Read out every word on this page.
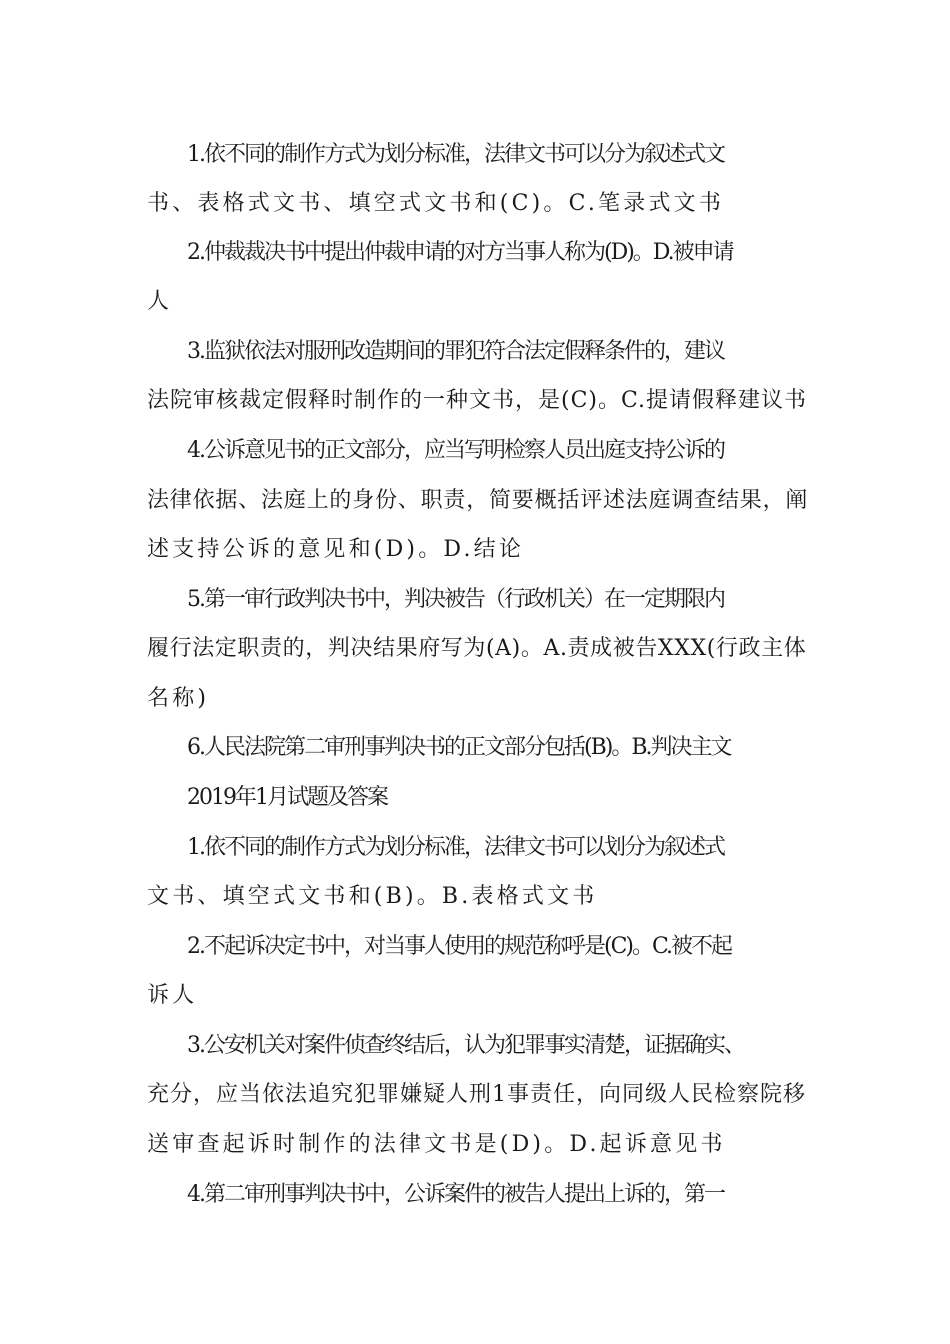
1.依不同的制作方式为划分标准，法律文书可以分为叙述式文
书、表格式文书、填空式文书和(C)。C.笔录式文书
2.仲裁裁决书中提出仲裁申请的对方当事人称为(D)。D.被申请
人
3.监狱依法对服刑改造期间的罪犯符合法定假释条件的，建议
法院审核裁定假释时制作的一种文书，是(C)。C.提请假释建议书
4.公诉意见书的正文部分，应当写明检察人员出庭支持公诉的
法律依据、法庭上的身份、职责，简要概括评述法庭调查结果，阐
述支持公诉的意见和(D)。D.结论
5.第一审行政判决书中，判决被告（行政机关）在一定期限内
履行法定职责的，判决结果府写为(A)。A.责成被告XXX(行政主体
名称)
6.人民法院第二审刑事判决书的正文部分包括(B)。B.判决主文
2019年1月试题及答案
1.依不同的制作方式为划分标准，法律文书可以划分为叙述式
文书、填空式文书和(B)。B.表格式文书
2.不起诉决定书中，对当事人使用的规范称呼是(C)。C.被不起
诉人
3.公安机关对案件侦查终结后，认为犯罪事实清楚，证据确实、
充分，应当依法追究犯罪嫌疑人刑1事责任，向同级人民检察院移
送审查起诉时制作的法律文书是(D)。D.起诉意见书
4.第二审刑事判决书中，公诉案件的被告人提出上诉的，第一
